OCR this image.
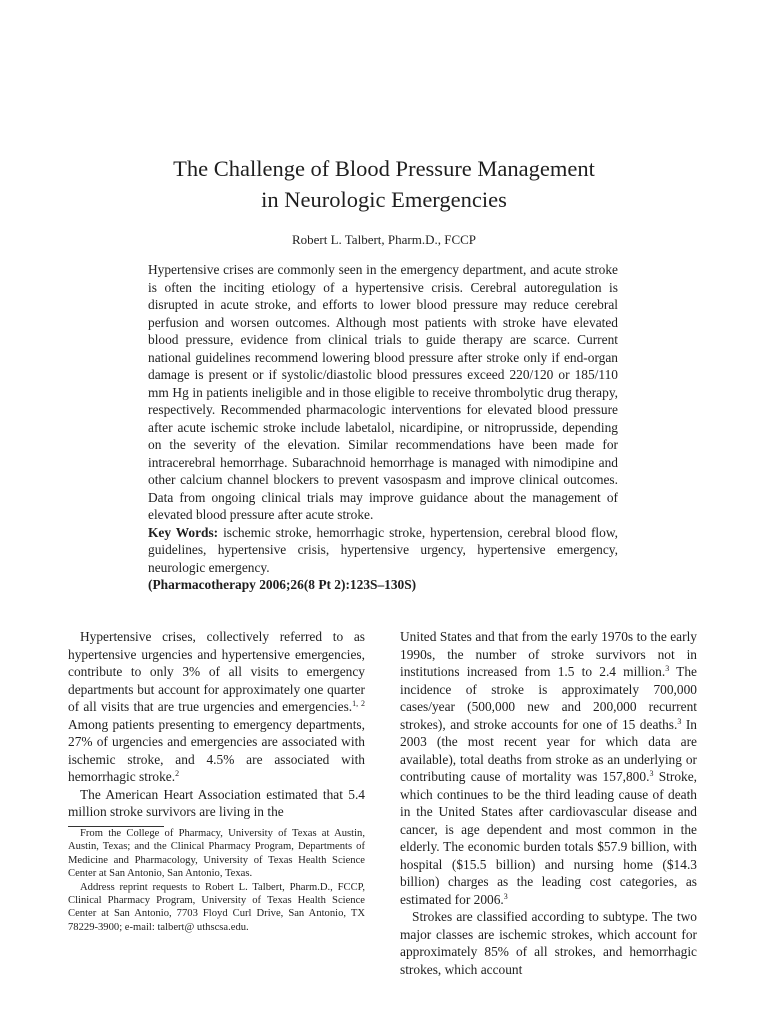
The Challenge of Blood Pressure Management
in Neurologic Emergencies
Robert L. Talbert, Pharm.D., FCCP

Hypertensive crises are commonly seen in the emergency department, and acute stroke is often the inciting etiology of a hypertensive crisis. Cerebral autoregulation is disrupted in acute stroke, and efforts to lower blood pressure may reduce cerebral perfusion and worsen outcomes. Although most patients with stroke have elevated blood pressure, evidence from clinical trials to guide therapy are scarce. Current national guidelines recommend lowering blood pressure after stroke only if end-organ damage is present or if systolic/diastolic blood pressures exceed 220/120 or 185/110 mm Hg in patients ineligible and in those eligible to receive thrombolytic drug therapy, respectively. Recommended pharmacologic interventions for elevated blood pressure after acute ischemic stroke include labetalol, nicardipine, or nitroprusside, depending on the severity of the elevation. Similar recommendations have been made for intracerebral hemorrhage. Subarachnoid hemorrhage is managed with nimodipine and other calcium channel blockers to prevent vasospasm and improve clinical outcomes. Data from ongoing clinical trials may improve guidance about the management of elevated blood pressure after acute stroke.

Key Words: ischemic stroke, hemorrhagic stroke, hypertension, cerebral blood flow, guidelines, hypertensive crisis, hypertensive urgency, hypertensive emergency, neurologic emergency.

(Pharmacotherapy 2006;26(8 Pt 2):123S–130S)

Hypertensive crises, collectively referred to as hypertensive urgencies and hypertensive emergencies, contribute to only 3% of all visits to emergency departments but account for approximately one quarter of all visits that are true urgencies and emergencies.$^{1, 2}$ Among patients presenting to emergency departments, 27% of urgencies and emergencies are associated with ischemic stroke, and 4.5% are associated with hemorrhagic stroke.$^2$

The American Heart Association estimated that 5.4 million stroke survivors are living in the

From the College of Pharmacy, University of Texas at Austin, Austin, Texas; and the Clinical Pharmacy Program, Departments of Medicine and Pharmacology, University of Texas Health Science Center at San Antonio, San Antonio, Texas.

Address reprint requests to Robert L. Talbert, Pharm.D., FCCP, Clinical Pharmacy Program, University of Texas Health Science Center at San Antonio, 7703 Floyd Curl Drive, San Antonio, TX 78229-3900; e-mail: talbert@ uthscsa.edu.

United States and that from the early 1970s to the early 1990s, the number of stroke survivors not in institutions increased from 1.5 to 2.4 million.$^3$ The incidence of stroke is approximately 700,000 cases/year (500,000 new and 200,000 recurrent strokes), and stroke accounts for one of 15 deaths.$^3$ In 2003 (the most recent year for which data are available), total deaths from stroke as an underlying or contributing cause of mortality was 157,800.$^3$ Stroke, which continues to be the third leading cause of death in the United States after cardiovascular disease and cancer, is age dependent and most common in the elderly. The economic burden totals $57.9 billion, with hospital ($15.5 billion) and nursing home ($14.3 billion) charges as the leading cost categories, as estimated for 2006.$^3$

Strokes are classified according to subtype. The two major classes are ischemic strokes, which account for approximately 85% of all strokes, and hemorrhagic strokes, which account
